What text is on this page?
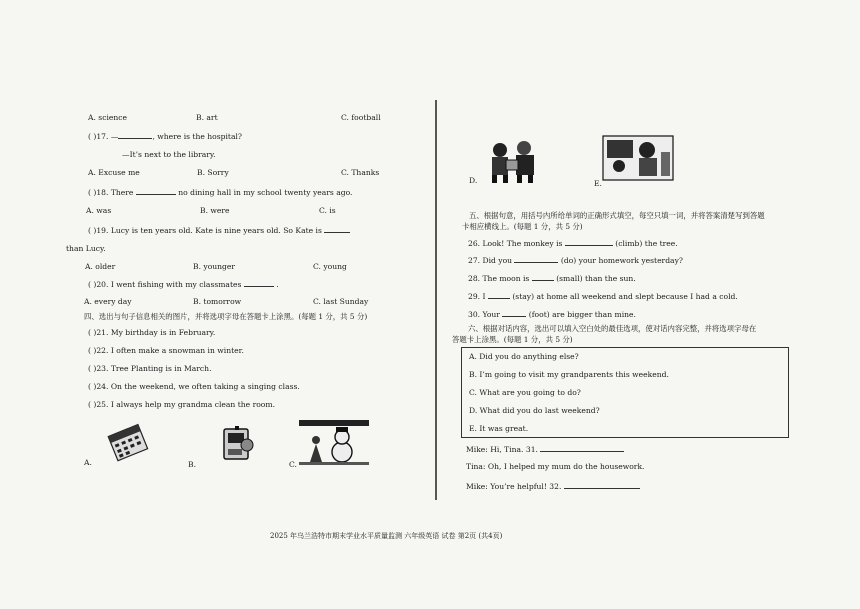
A. science	B. art	C. football
( )17. —	, where is the hospital?
—It’s next to the library.
A. Excuse me	B. Sorry	C. Thanks
( )18. There	no dining hall in my school twenty years ago.
A. was	B. were	C. is
( )19. Lucy is ten years old. Kate is nine years old. So Kate is
than Lucy.
A. older	B. younger	C. young
( )20. I went fishing with my classmates	.
A. every day	B. tomorrow	C. last Sunday
四、选出与句子信息相关的图片，并将选项字母在答题卡上涂黑。(每题 1 分，共 5 分)
( )21. My birthday is in February.
( )22. I often make a snowman in winter.
( )23. Tree Planting is in March.
( )24. On the weekend, we often taking a singing class.
( )25. I always help my grandma clean the room.
A.	B.	C.
D.	E.
五、根据句意，用括号内所给单词的正确形式填空，每空只填一词，并将答案清楚写到答题
卡相应横线上。(每题 1 分，共 5 分)
26. Look! The monkey is	(climb) the tree.
27. Did you	(do) your homework yesterday?
28. The moon is	(small) than the sun.
29. I	(stay) at home all weekend and slept because I had a cold.
30. Your	(foot) are bigger than mine.
六、根据对话内容，选出可以填入空白处的最佳选项，使对话内容完整，并将选项字母在
答题卡上涂黑。(每题 1 分，共 5 分)
A. Did you do anything else?
B. I’m going to visit my grandparents this weekend.
C. What are you going to do?
D. What did you do last weekend?
E. It was great.
Mike: Hi, Tina. 31.
Tina: Oh, I helped my mum do the housework.
Mike: You’re helpful! 32.
2025 年乌兰浩特市期末学业水平质量监测 六年级英语 试卷 第2页 (共4页)
